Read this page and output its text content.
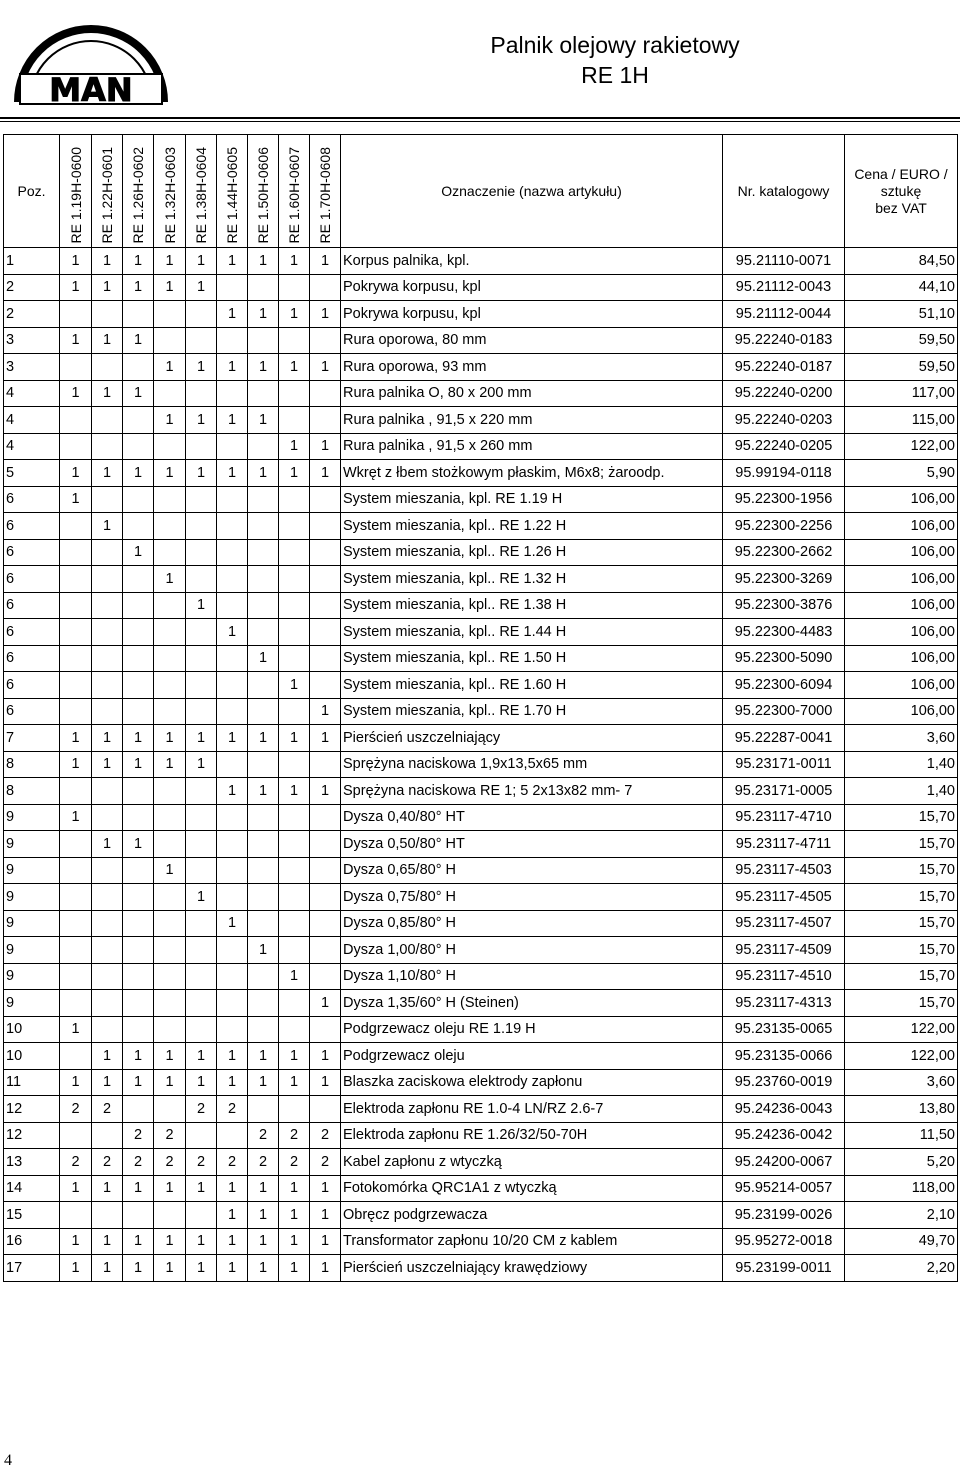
MAN
Palnik olejowy rakietowy
RE 1H
Poz.	RE 1.19H-0600	RE 1.22H-0601	RE 1.26H-0602	RE 1.32H-0603	RE 1.38H-0604	RE 1.44H-0605	RE 1.50H-0606	RE 1.60H-0607	RE 1.70H-0608	Oznaczenie (nazwa artykułu)	Nr. katalogowy	Cena / EURO /
sztukę
bez VAT

1	1	1	1	1	1	1	1	1	1	Korpus palnika, kpl.	95.21110-0071	84,50
2	1	1	1	1	1					Pokrywa korpusu, kpl	95.21112-0043	44,10
2						1	1	1	1	Pokrywa korpusu, kpl	95.21112-0044	51,10
3	1	1	1							Rura oporowa, 80 mm	95.22240-0183	59,50
3				1	1	1	1	1	1	Rura oporowa, 93 mm	95.22240-0187	59,50
4	1	1	1							Rura palnika O, 80 x 200 mm	95.22240-0200	117,00
4				1	1	1	1			Rura palnika , 91,5 x 220 mm	95.22240-0203	115,00
4								1	1	Rura palnika , 91,5 x 260 mm	95.22240-0205	122,00
5	1	1	1	1	1	1	1	1	1	Wkręt z łbem stożkowym płaskim, M6x8; żaroodp.	95.99194-0118	5,90
6	1									System mieszania, kpl. RE 1.19 H	95.22300-1956	106,00
6		1								System mieszania, kpl.. RE 1.22 H	95.22300-2256	106,00
6			1							System mieszania, kpl.. RE 1.26 H	95.22300-2662	106,00
6				1						System mieszania, kpl.. RE 1.32 H	95.22300-3269	106,00
6					1					System mieszania, kpl.. RE 1.38 H	95.22300-3876	106,00
6						1				System mieszania, kpl.. RE 1.44 H	95.22300-4483	106,00
6							1			System mieszania, kpl.. RE 1.50 H	95.22300-5090	106,00
6								1		System mieszania, kpl.. RE 1.60 H	95.22300-6094	106,00
6									1	System mieszania, kpl.. RE 1.70 H	95.22300-7000	106,00
7	1	1	1	1	1	1	1	1	1	Pierścień uszczelniający	95.22287-0041	3,60
8	1	1	1	1	1					Sprężyna naciskowa 1,9x13,5x65 mm	95.23171-0011	1,40
8						1	1	1	1	Sprężyna naciskowa RE 1; 5 2x13x82 mm- 7	95.23171-0005	1,40
9	1									Dysza 0,40/80° HT	95.23117-4710	15,70
9		1	1							Dysza 0,50/80° HT	95.23117-4711	15,70
9				1						Dysza 0,65/80° H	95.23117-4503	15,70
9					1					Dysza 0,75/80° H	95.23117-4505	15,70
9						1				Dysza 0,85/80° H	95.23117-4507	15,70
9							1			Dysza 1,00/80° H	95.23117-4509	15,70
9								1		Dysza 1,10/80° H	95.23117-4510	15,70
9									1	Dysza 1,35/60° H (Steinen)	95.23117-4313	15,70
10	1									Podgrzewacz oleju RE 1.19 H	95.23135-0065	122,00
10		1	1	1	1	1	1	1	1	Podgrzewacz oleju	95.23135-0066	122,00
11	1	1	1	1	1	1	1	1	1	Blaszka zaciskowa elektrody zapłonu	95.23760-0019	3,60
12	2	2			2	2				Elektroda zapłonu RE 1.0-4 LN/RZ 2.6-7	95.24236-0043	13,80
12			2	2			2	2	2	Elektroda zapłonu RE 1.26/32/50-70H	95.24236-0042	11,50
13	2	2	2	2	2	2	2	2	2	Kabel zapłonu z wtyczką	95.24200-0067	5,20
14	1	1	1	1	1	1	1	1	1	Fotokomórka QRC1A1 z wtyczką	95.95214-0057	118,00
15						1	1	1	1	Obręcz podgrzewacza	95.23199-0026	2,10
16	1	1	1	1	1	1	1	1	1	Transformator zapłonu 10/20 CM z kablem	95.95272-0018	49,70
17	1	1	1	1	1	1	1	1	1	Pierścień uszczelniający krawędziowy	95.23199-0011	2,20
4
